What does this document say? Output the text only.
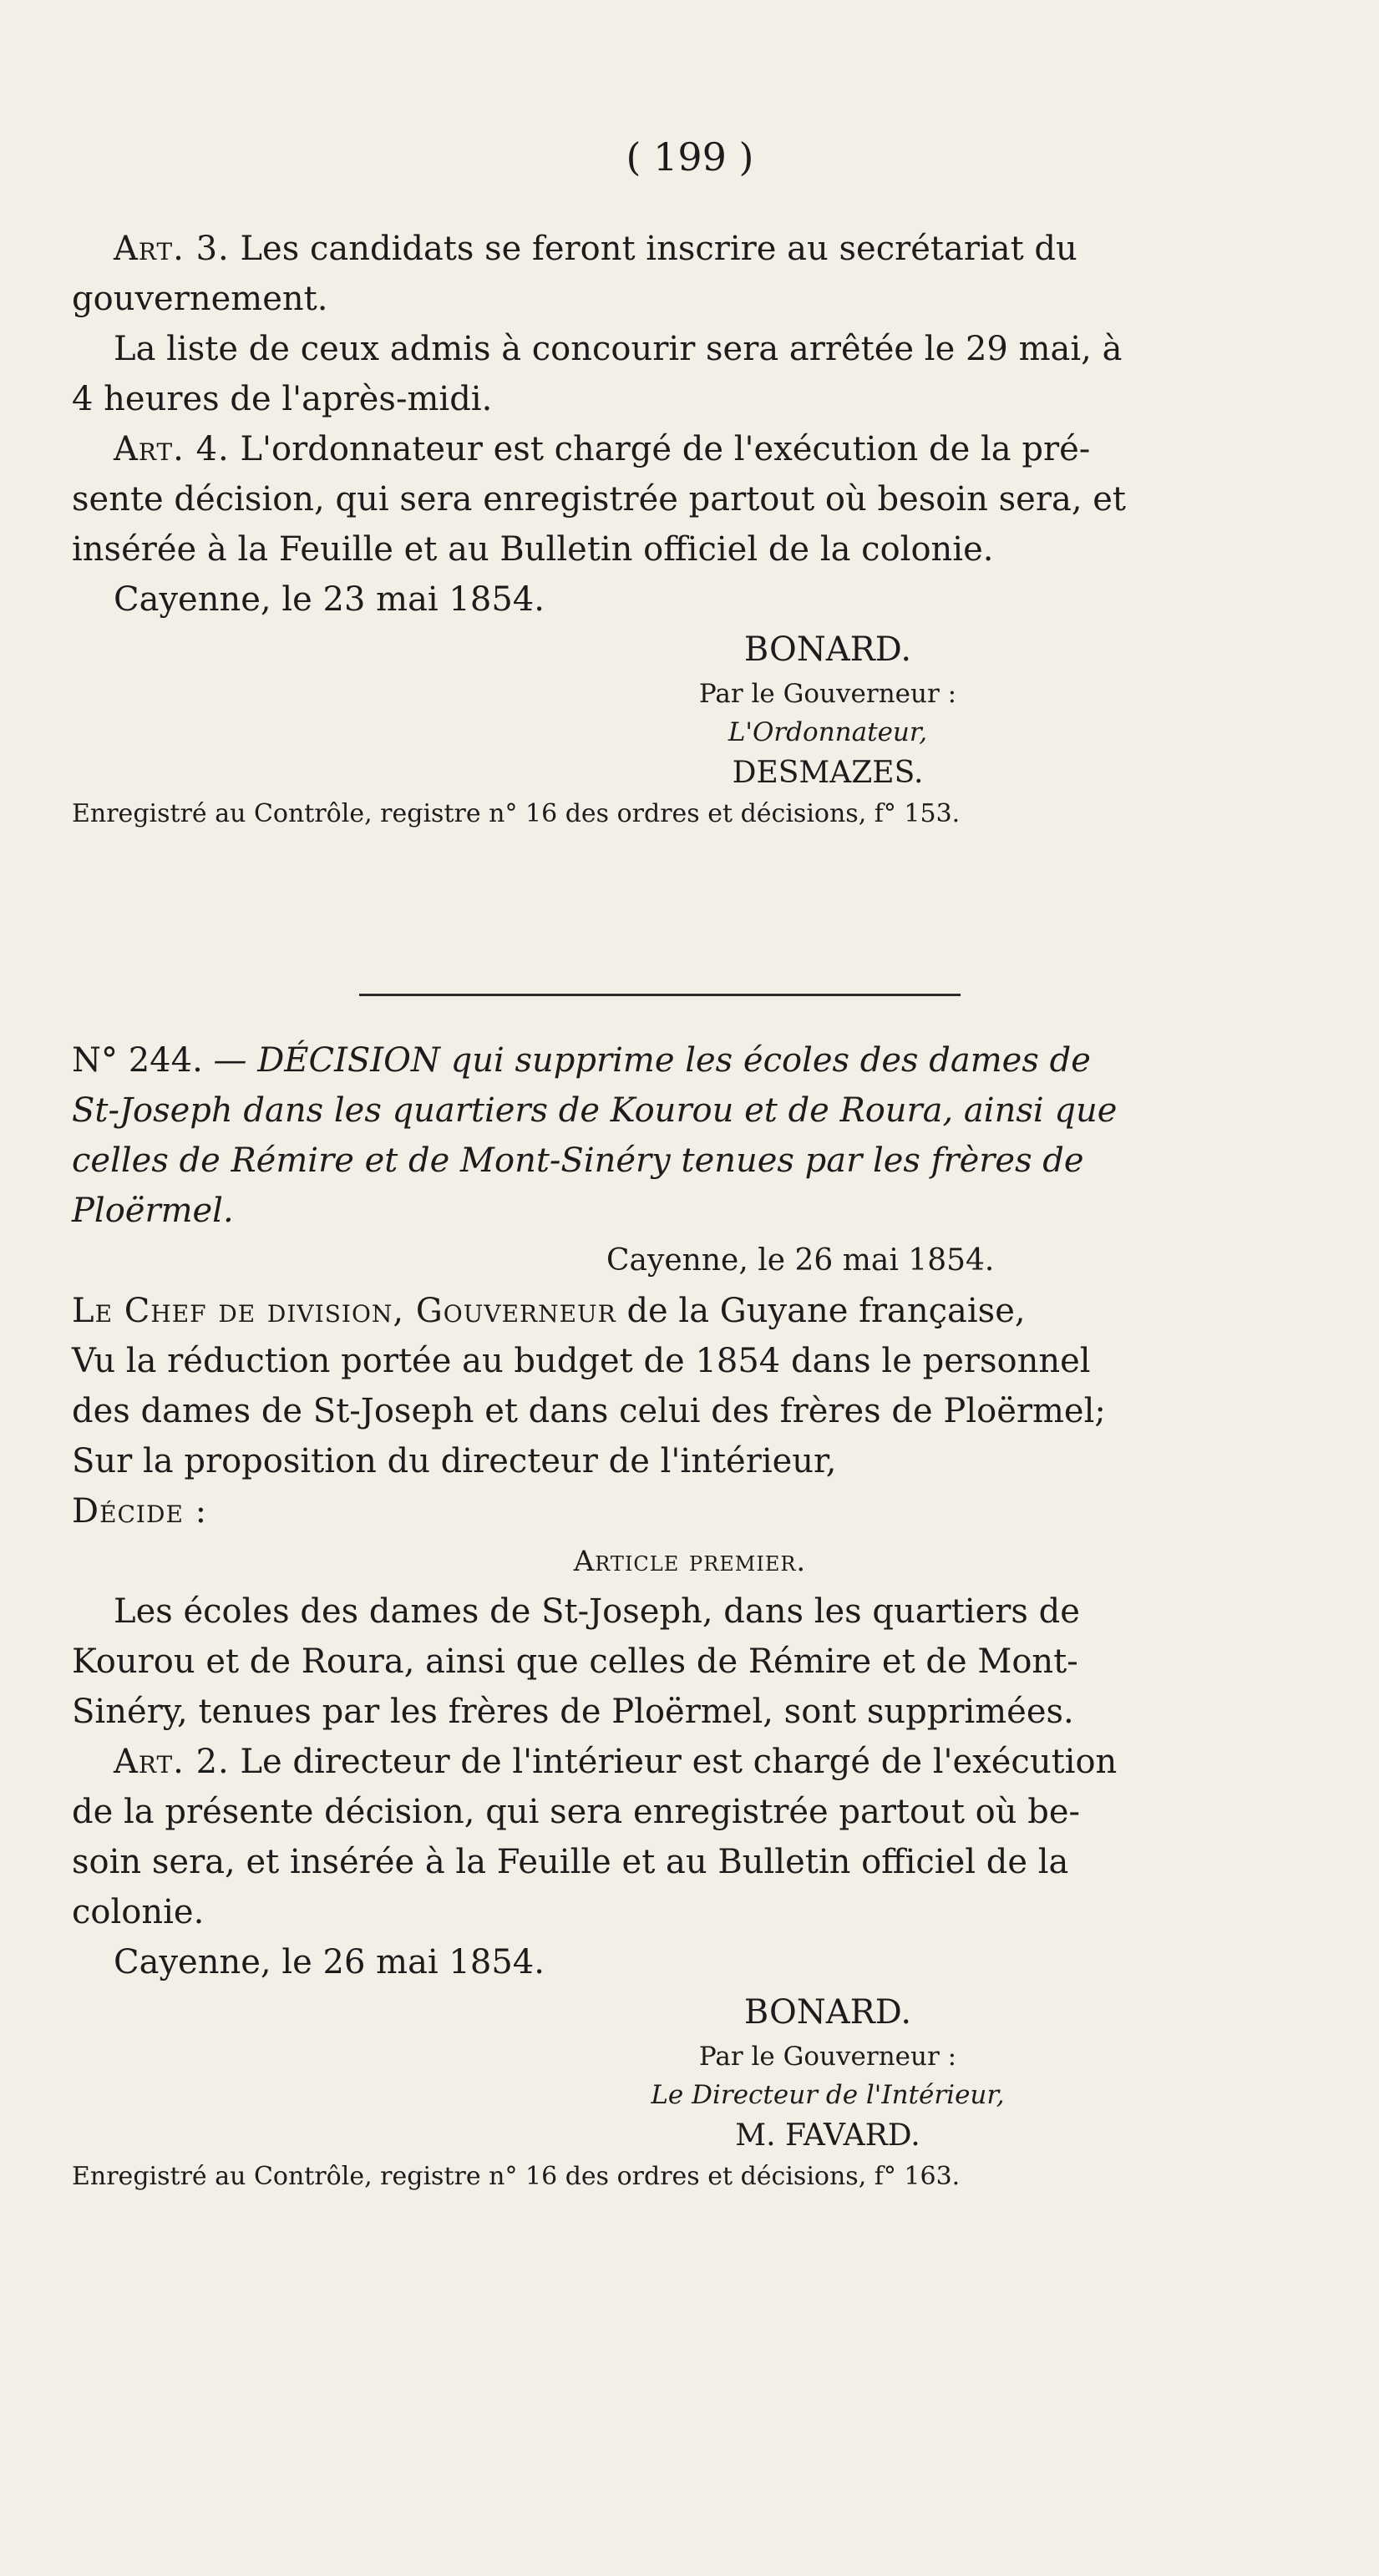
( 199 )

Art. 3. Les candidats se feront inscrire au secrétariat du

gouvernement.

La liste de ceux admis à concourir sera arrêtée le 29 mai, à

4 heures de l'après-midi.

Art. 4. L'ordonnateur est chargé de l'exécution de la pré-

sente décision, qui sera enregistrée partout où besoin sera, et

insérée à la Feuille et au Bulletin officiel de la colonie.

Cayenne, le 23 mai 1854.

BONARD.

Par le Gouverneur :

L'Ordonnateur,

DESMAZES.

Enregistré au Contrôle, registre n° 16 des ordres et décisions, f° 153.

N° 244. — DÉCISION qui supprime les écoles des dames de

St-Joseph dans les quartiers de Kourou et de Roura, ainsi que

celles de Rémire et de Mont-Sinéry tenues par les frères de

Ploërmel.

Cayenne, le 26 mai 1854.

Le Chef de division, Gouverneur de la Guyane française,

Vu la réduction portée au budget de 1854 dans le personnel

des dames de St-Joseph et dans celui des frères de Ploërmel;

Sur la proposition du directeur de l'intérieur,

Décide :

Article premier.

Les écoles des dames de St-Joseph, dans les quartiers de

Kourou et de Roura, ainsi que celles de Rémire et de Mont-

Sinéry, tenues par les frères de Ploërmel, sont supprimées.

Art. 2. Le directeur de l'intérieur est chargé de l'exécution

de la présente décision, qui sera enregistrée partout où be-

soin sera, et insérée à la Feuille et au Bulletin officiel de la

colonie.

Cayenne, le 26 mai 1854.

BONARD.

Par le Gouverneur :

Le Directeur de l'Intérieur,

M. FAVARD.

Enregistré au Contrôle, registre n° 16 des ordres et décisions, f° 163.
